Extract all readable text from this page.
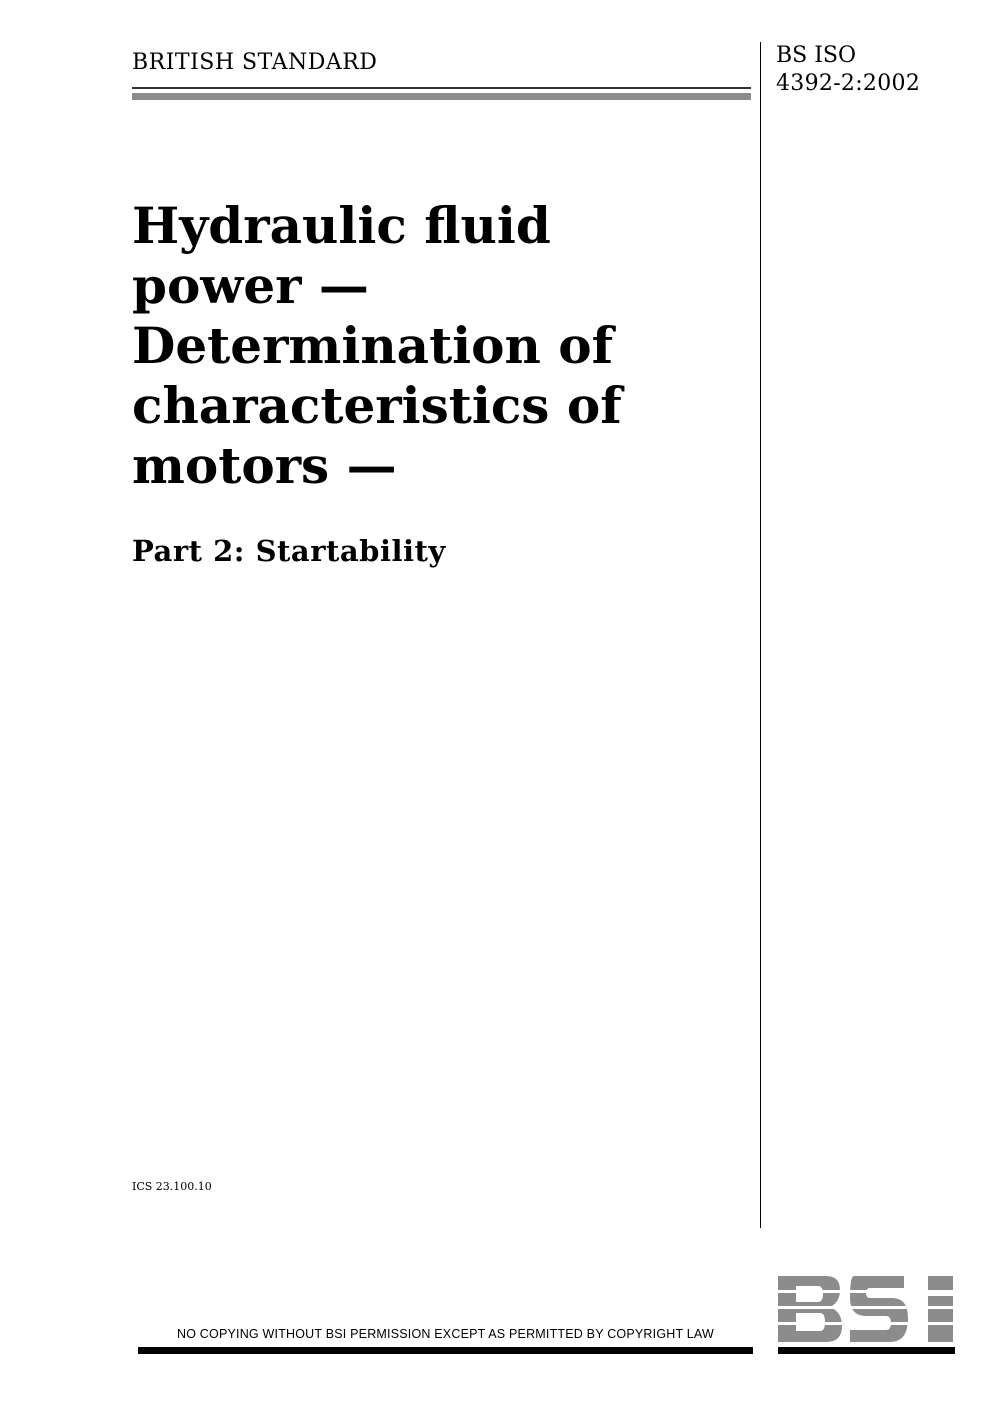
BRITISH STANDARD	BS ISO
4392-2:2002
Hydraulic fluid
power —
Determination of
characteristics of
motors —
Part 2: Startability
ICS 23.100.10
NO COPYING WITHOUT BSI PERMISSION EXCEPT AS PERMITTED BY COPYRIGHT LAW
